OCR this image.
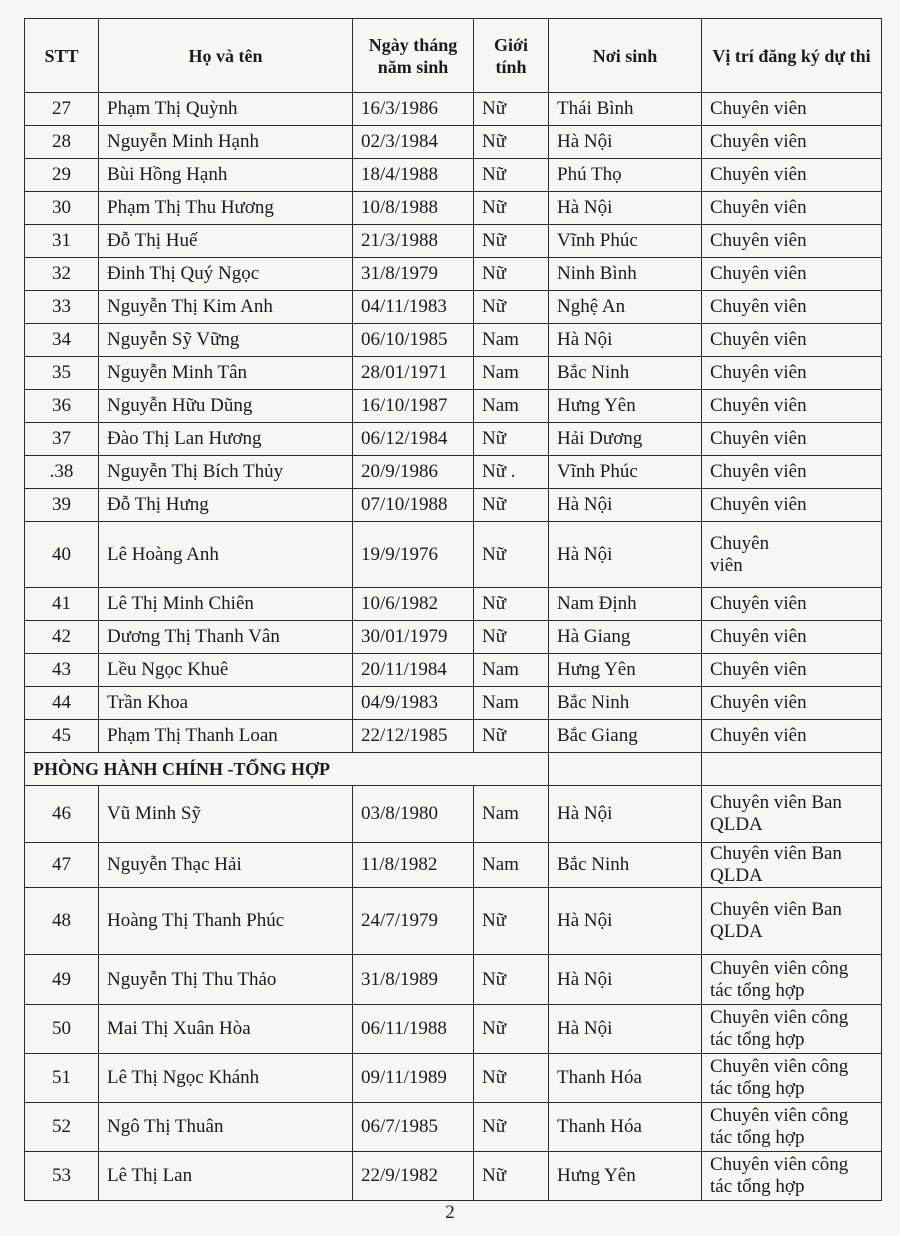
STT	Họ và tên	Ngày tháng năm sinh	Giới tính	Nơi sinh	Vị trí đăng ký dự thi
27	Phạm Thị Quỳnh	16/3/1986	Nữ	Thái Bình	Chuyên viên
28	Nguyễn Minh Hạnh	02/3/1984	Nữ	Hà Nội	Chuyên viên
29	Bùi Hồng Hạnh	18/4/1988	Nữ	Phú Thọ	Chuyên viên
30	Phạm Thị Thu Hương	10/8/1988	Nữ	Hà Nội	Chuyên viên
31	Đỗ Thị Huế	21/3/1988	Nữ	Vĩnh Phúc	Chuyên viên
32	Đinh Thị Quý Ngọc	31/8/1979	Nữ	Ninh Bình	Chuyên viên
33	Nguyễn Thị Kim Anh	04/11/1983	Nữ	Nghệ An	Chuyên viên
34	Nguyễn Sỹ Vững	06/10/1985	Nam	Hà Nội	Chuyên viên
35	Nguyễn Minh Tân	28/01/1971	Nam	Bắc Ninh	Chuyên viên
36	Nguyễn Hữu Dũng	16/10/1987	Nam	Hưng Yên	Chuyên viên
37	Đào Thị Lan Hương	06/12/1984	Nữ	Hải Dương	Chuyên viên
.38	Nguyễn Thị Bích Thủy	20/9/1986	Nữ .	Vĩnh Phúc	Chuyên viên
39	Đỗ Thị Hưng	07/10/1988	Nữ	Hà Nội	Chuyên viên
40	Lê Hoàng Anh	19/9/1976	Nữ	Hà Nội	Chuyên
viên

41	Lê Thị Minh Chiên	10/6/1982	Nữ	Nam Định	Chuyên viên
42	Dương Thị Thanh Vân	30/01/1979	Nữ	Hà Giang	Chuyên viên
43	Lều Ngọc Khuê	20/11/1984	Nam	Hưng Yên	Chuyên viên
44	Trần Khoa	04/9/1983	Nam	Bắc Ninh	Chuyên viên
45	Phạm Thị Thanh Loan	22/12/1985	Nữ	Bắc Giang	Chuyên viên
PHÒNG HÀNH CHÍNH -TỔNG HỢP					
46	Vũ Minh Sỹ	03/8/1980	Nam	Hà Nội	Chuyên viên Ban
QLDA

47	Nguyễn Thạc Hải	11/8/1982	Nam	Bắc Ninh	Chuyên viên Ban
QLDA

48	Hoàng Thị Thanh Phúc	24/7/1979	Nữ	Hà Nội	Chuyên viên Ban
QLDA

49	Nguyễn Thị Thu Thảo	31/8/1989	Nữ	Hà Nội	Chuyên viên công
tác tổng hợp

50	Mai Thị Xuân Hòa	06/11/1988	Nữ	Hà Nội	Chuyên viên công
tác tổng hợp

51	Lê Thị Ngọc Khánh	09/11/1989	Nữ	Thanh Hóa	Chuyên viên công
tác tổng hợp

52	Ngô Thị Thuân	06/7/1985	Nữ	Thanh Hóa	Chuyên viên công
tác tổng hợp

53	Lê Thị Lan	22/9/1982	Nữ	Hưng Yên	Chuyên viên công
tác tổng hợp
2
